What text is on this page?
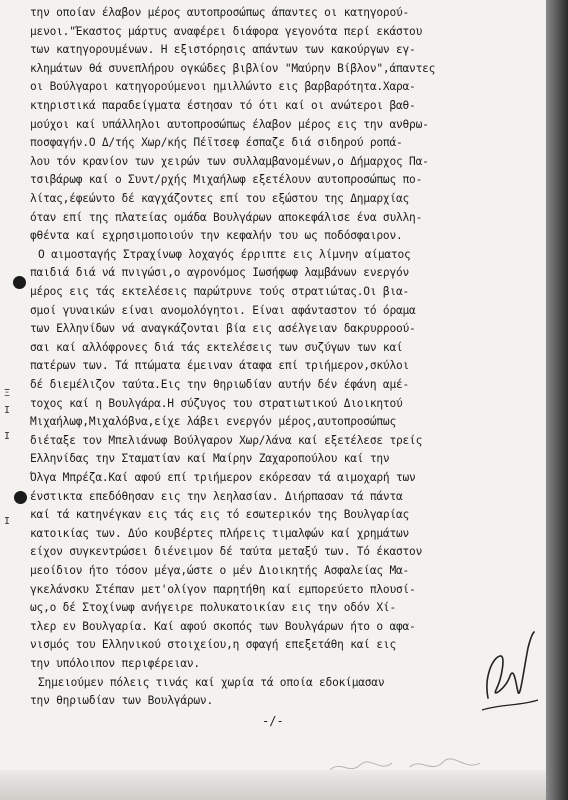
την οποίαν έλαβον μέρος αυτοπροσώπως άπαντες οι κατηγορού-
μενοι."Έκαστος μάρτυς αναφέρει διάφορα γεγονότα περί εκάστου
των κατηγορουμένων. Η εξιστόρησις απάντων των κακούργων εγ-
κλημάτων θά συνεπλήρου ογκώδες βιβλίον "Μαύρην Βίβλον",άπαντες
οι Βούλγαροι κατηγορούμενοι ημιλλώντο εις βαρβαρότητα.Χαρα-
κτηριστικά παραδείγματα έστησαν τό ότι καί οι ανώτεροι βαθ-
μούχοι καί υπάλληλοι αυτοπροσώπως έλαβον μέρος εις την ανθρω-
ποσφαγήν.Ο Δ/τής Χωρ/κής Πέϊτσεφ έσπαζε διά σιδηρού ροπά-
λου τόν κρανίον των χειρών των συλλαμβανομένων,ο Δήμαρχος Πα-
τσιβάρωφ καί ο Συντ/ρχής Μιχαήλωφ εξετέλουν αυτοπροσώπως πο-
λίτας,έφεώντο δέ καγχάζοντες επί του εξώστου της Δημαρχίας
όταν επί της πλατείας ομάδα Βουλγάρων αποκεφάλισε ένα συλλη-
φθέντα καί εχρησιμοποιούν την κεφαλήν του ως ποδόσφαιρον.
Ο αιμοσταγής Στραχίνωφ λοχαγός έρριπτε εις λίμνην αίματος
παιδιά διά νά πνιγώσι,ο αγρονόμος Ιωσήφωφ λαμβάνων ενεργόν
μέρος εις τάς εκτελέσεις παρώτρυνε τούς στρατιώτας.Οι βια-
σμοί γυναικών είναι ανομολόγητοι. Είναι αφάνταστον τό όραμα
των Ελληνίδων νά αναγκάζονται βία εις ασέλγειαν δακρυρροού-
σαι καί αλλόφρονες διά τάς εκτελέσεις των συζύγων των καί
πατέρων των. Τά πτώματα έμειναν άταφα επί τριήμερον,σκύλοι
δέ διεμέλιζον ταύτα.Εις την θηριωδίαν αυτήν δέν έφάνη αμέ-
τοχος καί η Βουλγάρα.Η σύζυγος του στρατιωτικού Διοικητού
Μιχαήλωφ,Μιχαλόβνα,είχε λάβει ενεργόν μέρος,αυτοπροσώπως
διέταξε τον Μπελιάνωφ Βούλγαρον Χωρ/λάνα καί εξετέλεσε τρείς
Ελληνίδας την Σταματίαν καί Μαίρην Ζαχαροπούλου καί την
Όλγα Μπρέζα.Καί αφού επί τριήμερον εκόρεσαν τά αιμοχαρή των
ένστικτα επεδόθησαν εις την λεηλασίαν. Διήρπασαν τά πάντα
καί τά κατηνέγκαν εις τάς εις τό εσωτερικόν της Βουλγαρίας
κατοικίας των. Δύο κουβέρτες πλήρεις τιμαλφών καί χρημάτων
είχον συγκεντρώσει διένειμον δέ ταύτα μεταξύ των. Τό έκαστον
μεοίδιον ήτο τόσον μέγα,ώστε ο μέν Διοικητής Ασφαλείας Μα-
γκελάνσκυ Στέπαν μετ'ολίγον παρητήθη καί εμπορεύετο πλουσί-
ως,ο δέ Στοχίνωφ ανήγειρε πολυκατοικίαν εις την οδόν Χί-
τλερ εν Βουλγαρία. Καί αφού σκοπός των Βουλγάρων ήτο ο αφα-
νισμός του Ελληνικού στοιχείου,η σφαγή επεξετάθη καί εις
την υπόλοιπον περιφέρειαν.
Σημειούμεν πόλεις τινάς καί χωρία τά οποία εδοκίμασαν
την θηριωδίαν των Βουλγάρων.
Ξ
Ι
Ι
Ι
-/-
